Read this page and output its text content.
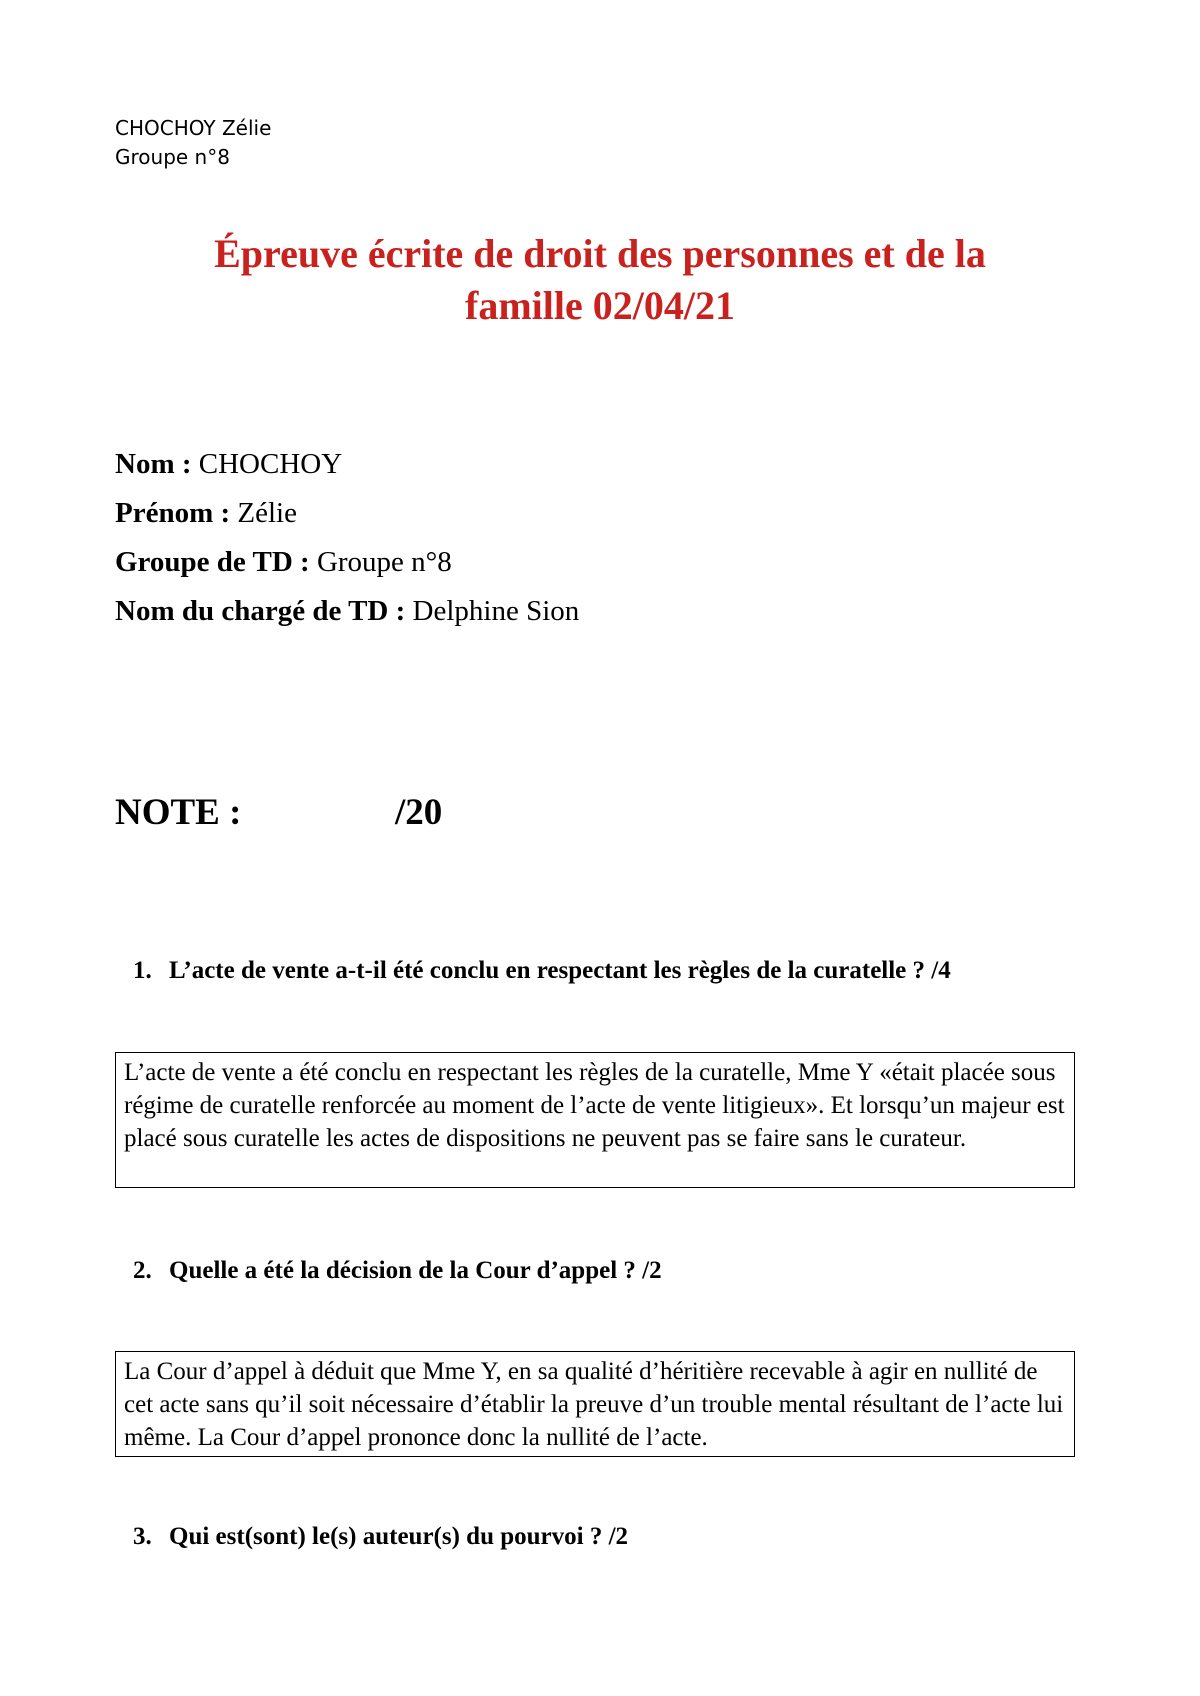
CHOCHOY Zélie
Groupe n°8
Épreuve écrite de droit des personnes et de la
famille 02/04/21
Nom : CHOCHOY
Prénom : Zélie
Groupe de TD : Groupe n°8
Nom du chargé de TD : Delphine Sion
NOTE :	/20
1. L’acte de vente a-t-il été conclu en respectant les règles de la curatelle ? /4

L’acte de vente a été conclu en respectant les règles de la curatelle, Mme Y «était placée sous régime de curatelle renforcée au moment de l’acte de vente litigieux». Et lorsqu’un majeur est placé sous curatelle les actes de dispositions ne peuvent pas se faire sans le curateur.

2. Quelle a été la décision de la Cour d’appel ? /2

La Cour d’appel à déduit que Mme Y, en sa qualité d’héritière recevable à agir en nullité de cet acte sans qu’il soit nécessaire d’établir la preuve d’un trouble mental résultant de l’acte lui même. La Cour d’appel prononce donc la nullité de l’acte.

3. Qui est(sont) le(s) auteur(s) du pourvoi ? /2
